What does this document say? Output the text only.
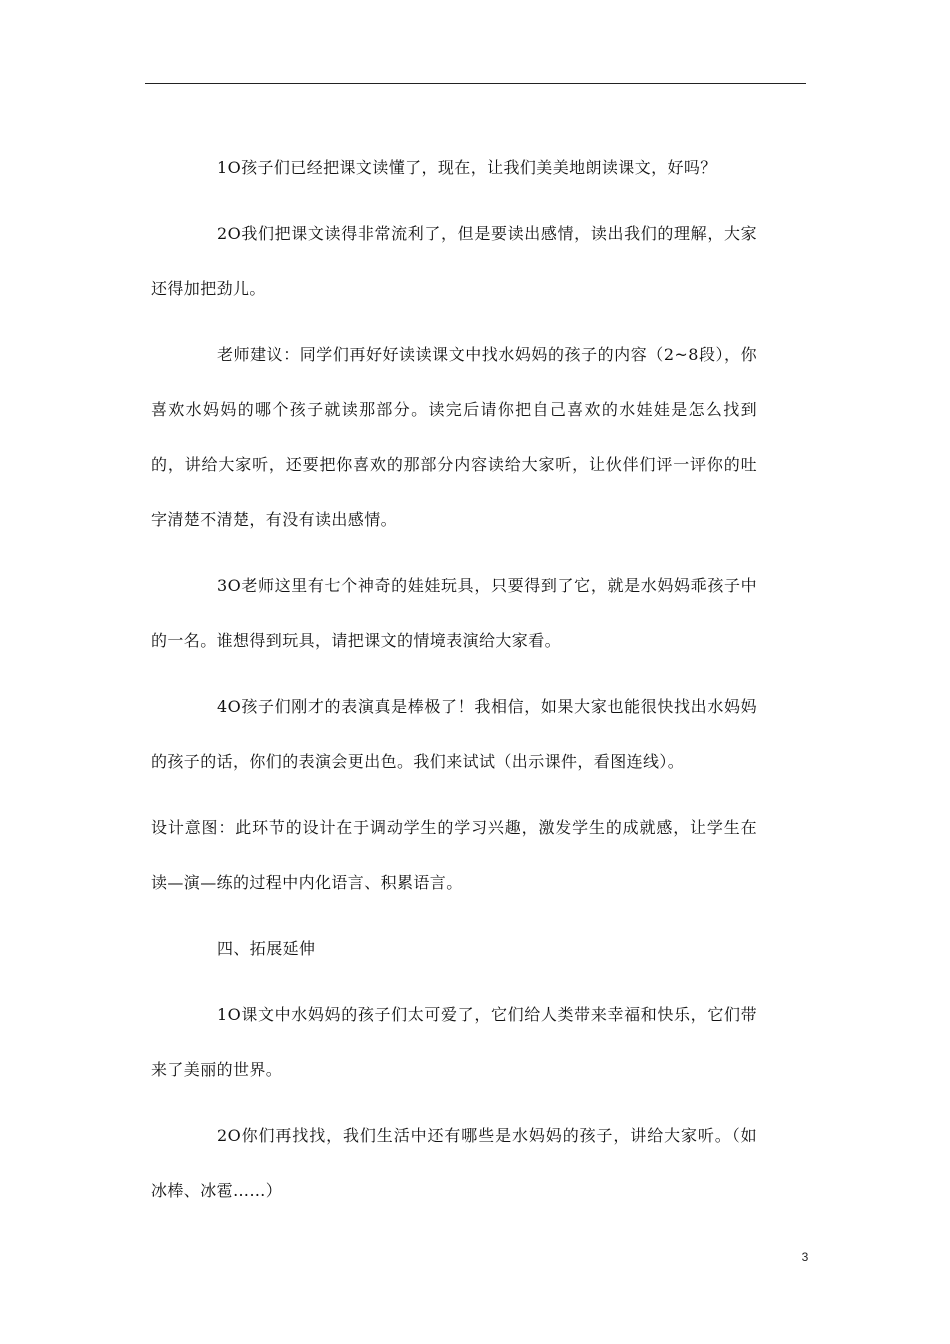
1O孩子们已经把课文读懂了，现在，让我们美美地朗读课文，好吗？

2O我们把课文读得非常流利了，但是要读出感情，读出我们的理解，大家还得加把劲儿。

老师建议：同学们再好好读读课文中找水妈妈的孩子的内容（2~8段），你喜欢水妈妈的哪个孩子就读那部分。读完后请你把自己喜欢的水娃娃是怎么找到的，讲给大家听，还要把你喜欢的那部分内容读给大家听，让伙伴们评一评你的吐字清楚不清楚，有没有读出感情。

3O老师这里有七个神奇的娃娃玩具，只要得到了它，就是水妈妈乖孩子中的一名。谁想得到玩具，请把课文的情境表演给大家看。

4O孩子们刚才的表演真是棒极了！我相信，如果大家也能很快找出水妈妈的孩子的话，你们的表演会更出色。我们来试试（出示课件，看图连线）。

设计意图：此环节的设计在于调动学生的学习兴趣，激发学生的成就感，让学生在读—演—练的过程中内化语言、积累语言。

四、拓展延伸

1O课文中水妈妈的孩子们太可爱了，它们给人类带来幸福和快乐，它们带来了美丽的世界。

2O你们再找找，我们生活中还有哪些是水妈妈的孩子，讲给大家听。（如冰棒、冰雹……）

3
